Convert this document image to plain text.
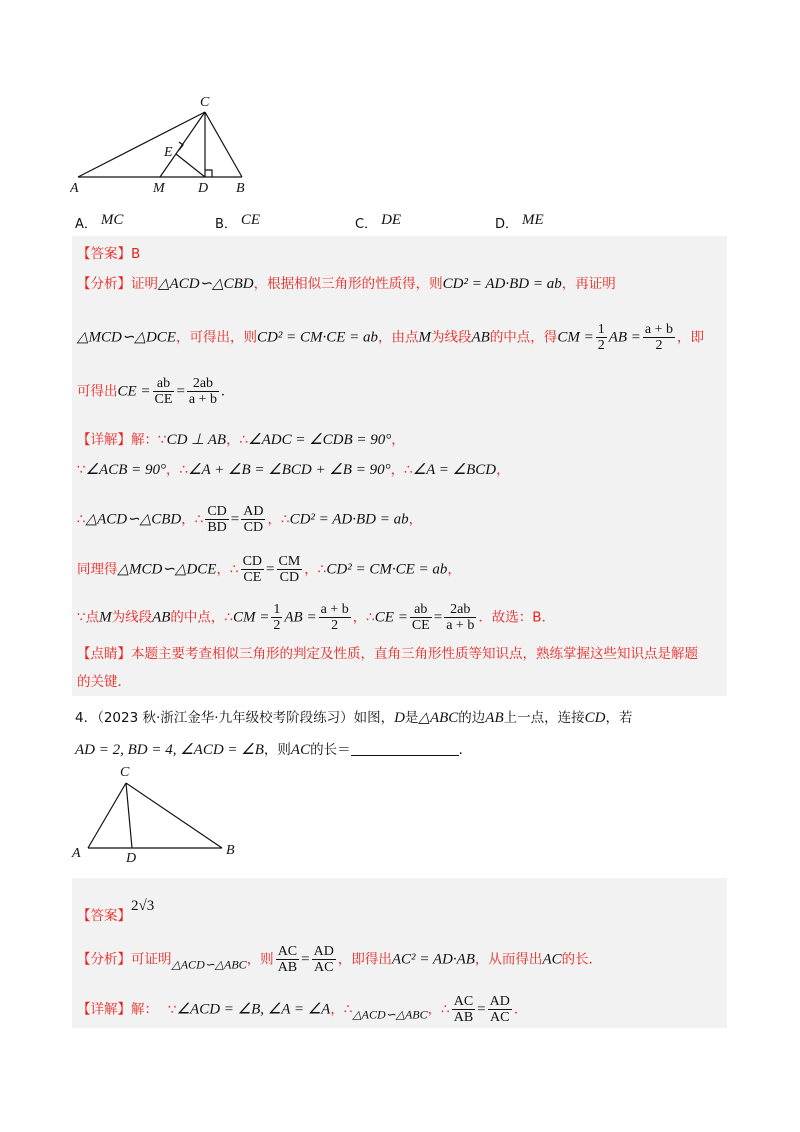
C
A	M D B
E
A． MC	B． CE	C． DE	D． ME
【答案】B
【分析】证明△ACD∽△CBD，根据相似三角形的性质得，则CD² = AD·BD = ab，再证明
△MCD∽△DCE，可得出，则CD² = CM·CE = ab，由点M为线段AB的中点，得CM = $\frac{1}{2}$ AB = $\frac{a + b}{2}$ ，即
可得出CE = $\frac{ab}{CE} = \frac{2ab}{a + b}$ .
【详解】解：∵CD ⊥ AB，∴∠ADC = ∠CDB = 90°，
∵∠ACB = 90°，∴∠A + ∠B = ∠BCD + ∠B = 90°，∴∠A = ∠BCD，
∴△ACD∽△CBD，∴ $\frac{CD}{BD} = \frac{AD}{CD}$ ，∴CD² = AD·BD = ab，
同理得△MCD∽△DCE，∴ $\frac{CD}{CE} = \frac{CM}{CD}$ ，∴CD² = CM·CE = ab，
∵点M为线段AB的中点，∴CM = $\frac{1}{2}$ AB = $\frac{a + b}{2}$ ，∴CE = $\frac{ab}{CE} = \frac{2ab}{a + b}$ ．故选：B．
【点睛】本题主要考查相似三角形的判定及性质，直角三角形性质等知识点，熟练掌握这些知识点是解题
的关键．
4．（2023 秋·浙江金华·九年级校考阶段练习）如图，D是△ABC的边AB上一点，连接CD，若
AD = 2, BD = 4, ∠ACD = ∠B，则AC的长＝	．
C
A	D
B
【答案】2√3
【分析】可证明△ACD∽△ABC，则 $\frac{AC}{AB} = \frac{AD}{AC}$ ，即得出AC² = AD·AB，从而得出AC的长．
【详解】解： ∵∠ACD = ∠B, ∠A = ∠A，∴△ACD∽△ABC，∴ $\frac{AC}{AB} = \frac{AD}{AC}$ ．
